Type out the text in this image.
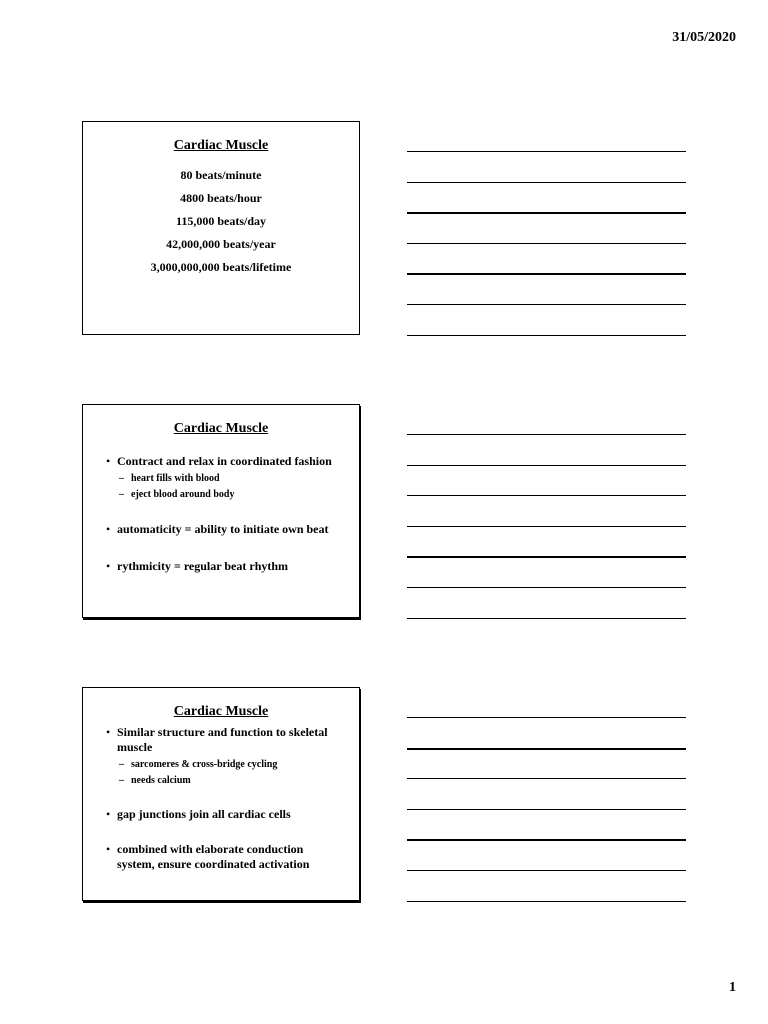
31/05/2020
Cardiac Muscle
80 beats/minute
4800 beats/hour
115,000 beats/day
42,000,000 beats/year
3,000,000,000 beats/lifetime
Cardiac Muscle
• Contract and relax in coordinated fashion
– heart fills with blood
– eject blood around body
• automaticity = ability to initiate own beat
• rythmicity = regular beat rhythm
Cardiac Muscle
• Similar structure and function to skeletal muscle
– sarcomeres & cross-bridge cycling
– needs calcium
• gap junctions join all cardiac cells
• combined with elaborate conduction system, ensure coordinated activation
1
